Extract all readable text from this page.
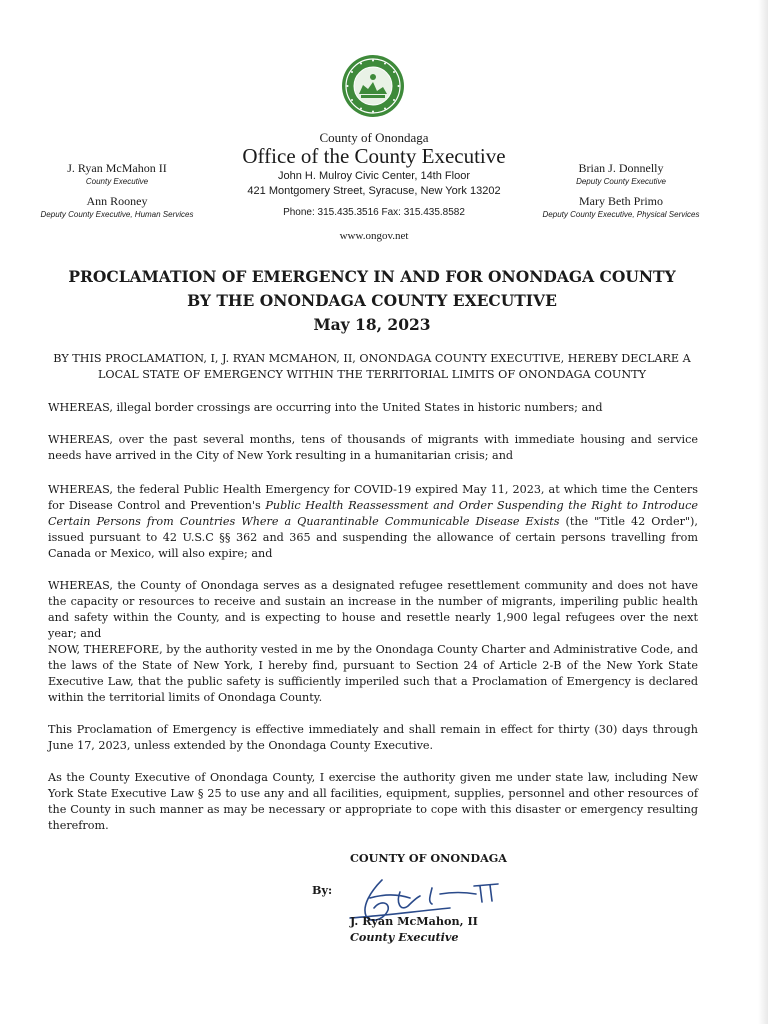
County of Onondaga
Office of the County Executive
John H. Mulroy Civic Center, 14th Floor
421 Montgomery Street, Syracuse, New York 13202
Phone: 315.435.3516 Fax: 315.435.8582
www.ongov.net
J. Ryan McMahon II
County Executive
Ann Rooney
Deputy County Executive, Human Services
Brian J. Donnelly
Deputy County Executive
Mary Beth Primo
Deputy County Executive, Physical Services
PROCLAMATION OF EMERGENCY IN AND FOR ONONDAGA COUNTY
BY THE ONONDAGA COUNTY EXECUTIVE
May 18, 2023
BY THIS PROCLAMATION, I, J. RYAN MCMAHON, II, ONONDAGA COUNTY EXECUTIVE, HEREBY DECLARE A LOCAL STATE OF EMERGENCY WITHIN THE TERRITORIAL LIMITS OF ONONDAGA COUNTY

WHEREAS, illegal border crossings are occurring into the United States in historic numbers; and

WHEREAS, over the past several months, tens of thousands of migrants with immediate housing and service needs have arrived in the City of New York resulting in a humanitarian crisis; and

WHEREAS, the federal Public Health Emergency for COVID-19 expired May 11, 2023, at which time the Centers for Disease Control and Prevention's Public Health Reassessment and Order Suspending the Right to Introduce Certain Persons from Countries Where a Quarantinable Communicable Disease Exists (the "Title 42 Order"), issued pursuant to 42 U.S.C §§ 362 and 365 and suspending the allowance of certain persons travelling from Canada or Mexico, will also expire; and

WHEREAS, the County of Onondaga serves as a designated refugee resettlement community and does not have the capacity or resources to receive and sustain an increase in the number of migrants, imperiling public health and safety within the County, and is expecting to house and resettle nearly 1,900 legal refugees over the next year; and

NOW, THEREFORE, by the authority vested in me by the Onondaga County Charter and Administrative Code, and the laws of the State of New York, I hereby find, pursuant to Section 24 of Article 2-B of the New York State Executive Law, that the public safety is sufficiently imperiled such that a Proclamation of Emergency is declared within the territorial limits of Onondaga County.

This Proclamation of Emergency is effective immediately and shall remain in effect for thirty (30) days through June 17, 2023, unless extended by the Onondaga County Executive.

As the County Executive of Onondaga County, I exercise the authority given me under state law, including New York State Executive Law § 25 to use any and all facilities, equipment, supplies, personnel and other resources of the County in such manner as may be necessary or appropriate to cope with this disaster or emergency resulting therefrom.

COUNTY OF ONONDAGA
By:
J. Ryan McMahon, II
County Executive
